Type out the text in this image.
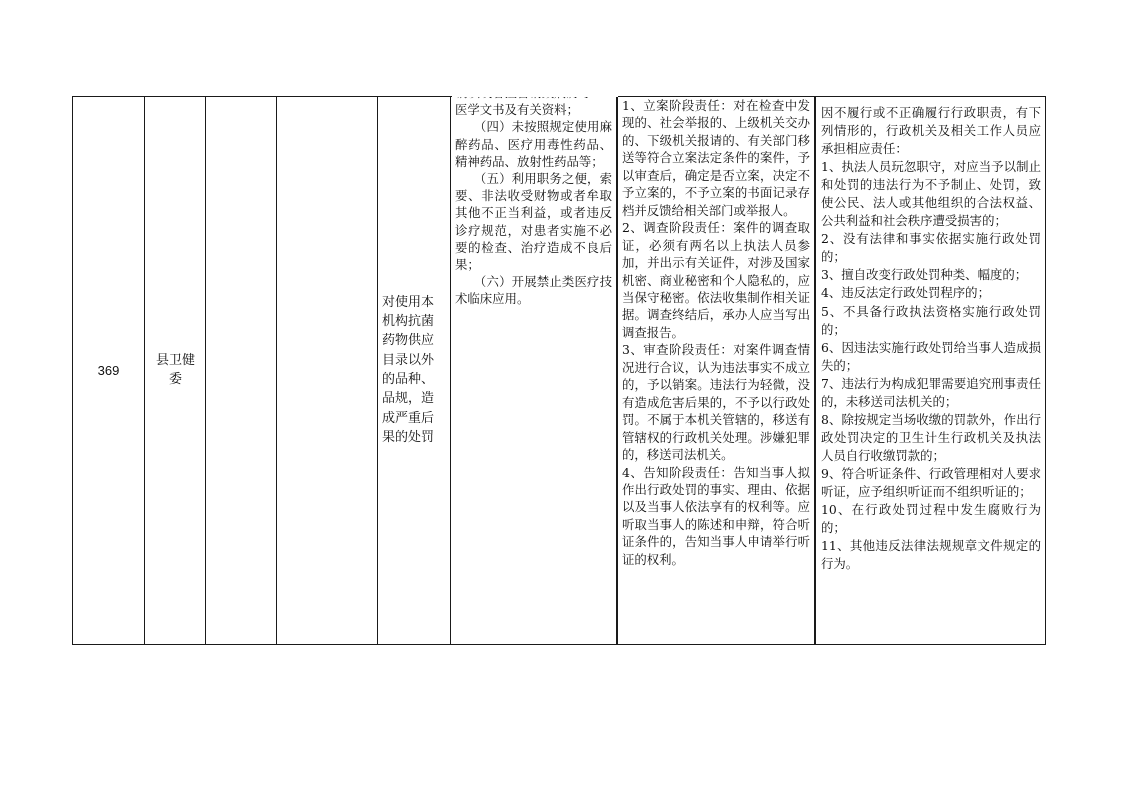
369
县卫健委
对使用本机构抗菌药物供应目录以外的品种、品规，造成严重后果的处罚

医学文书及有关资料；

　　（四）未按照规定使用麻醉药品、医疗用毒性药品、精神药品、放射性药品等；

　　（五）利用职务之便，索要、非法收受财物或者牟取其他不正当利益，或者违反诊疗规范，对患者实施不必要的检查、治疗造成不良后果；

　　（六）开展禁止类医疗技术临床应用。

1、立案阶段责任：对在检查中发现的、社会举报的、上级机关交办的、下级机关报请的、有关部门移送等符合立案法定条件的案件，予以审查后，确定是否立案，决定不予立案的，不予立案的书面记录存档并反馈给相关部门或举报人。

2、调查阶段责任：案件的调查取证，必须有两名以上执法人员参加，并出示有关证件，对涉及国家机密、商业秘密和个人隐私的，应当保守秘密。依法收集制作相关证据。调查终结后，承办人应当写出调查报告。

3、审查阶段责任：对案件调查情况进行合议，认为违法事实不成立的，予以销案。违法行为轻微，没有造成危害后果的，不予以行政处罚。不属于本机关管辖的，移送有管辖权的行政机关处理。涉嫌犯罪的，移送司法机关。

4、告知阶段责任：告知当事人拟作出行政处罚的事实、理由、依据以及当事人依法享有的权利等。应听取当事人的陈述和申辩，符合听证条件的，告知当事人申请举行听证的权利。

因不履行或不正确履行行政职责，有下列情形的，行政机关及相关工作人员应承担相应责任：

1、执法人员玩忽职守，对应当予以制止和处罚的违法行为不予制止、处罚，致使公民、法人或其他组织的合法权益、公共利益和社会秩序遭受损害的；

2、没有法律和事实依据实施行政处罚的；

3、擅自改变行政处罚种类、幅度的；

4、违反法定行政处罚程序的；

5、不具备行政执法资格实施行政处罚的；

6、因违法实施行政处罚给当事人造成损失的；

7、违法行为构成犯罪需要追究刑事责任的，未移送司法机关的；

8、除按规定当场收缴的罚款外，作出行政处罚决定的卫生计生行政机关及执法人员自行收缴罚款的；

9、符合听证条件、行政管理相对人要求听证，应予组织听证而不组织听证的；

10、在行政处罚过程中发生腐败行为的；

11、其他违反法律法规规章文件规定的行为。
